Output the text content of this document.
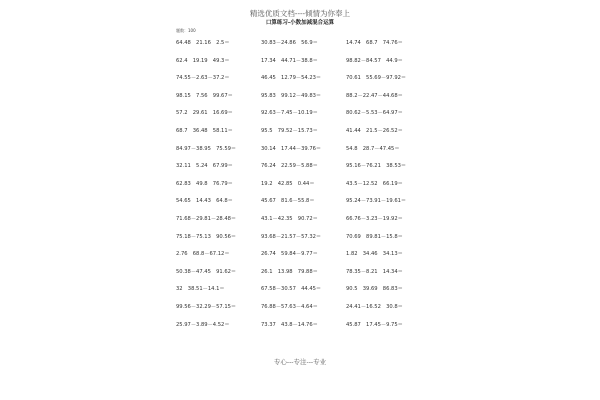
精选优质文档----倾情为你奉上
口算练习-小数加减混合运算
题数：100
64.48　21.16　2.5＝	30.83－24.86　56.9＝	14.74　68.7　74.76＝
62.4　19.19　49.3＝	17.34　44.71－38.8＝	98.82－84.57　44.9＝
74.55－2.63－37.2＝	46.45　12.79－54.23＝	70.61　55.69－97.92＝
98.15　7.56　99.67＝	95.83　99.12－49.83＝	88.2－22.47－44.68＝
57.2　29.61　16.69＝	92.63－7.45－10.19＝	80.62－5.53－64.97＝
68.7　36.48　58.11＝	95.5　79.52－15.73＝	41.44　21.5－26.52＝
84.97－38.95　75.59＝	30.14　17.44－39.76＝	54.8　28.7－47.45＝
32.11　5.24　67.99＝	76.24　22.59－5.88＝	95.16－76.21　38.53＝
62.83　49.8　76.79＝	19.2　42.85　0.44＝	43.5－12.52　66.19＝
54.65　14.43　64.8＝	45.67　81.6－55.8＝	95.24－73.91－19.61＝
71.68－29.81－28.48＝	43.1－42.35　90.72＝	66.76－3.23－19.92＝
75.18－75.13　90.56＝	93.68－21.57－57.32＝	70.69　89.81－15.8＝
2.76　68.8－67.12＝	26.74　59.84－9.77＝	1.82　34.46　34.13＝
50.38－47.45　91.62＝	26.1　13.98　79.88＝	78.35－8.21　14.34＝
32　38.51－14.1＝	67.58－30.57　44.45＝	90.5　39.69　86.83＝
99.56－32.29－57.15＝	76.88－57.63－4.64＝	24.41－16.52　30.8＝
25.97－3.89－4.52＝	73.37　43.8－14.76＝	45.87　17.45－9.75＝
专心---专注---专业
